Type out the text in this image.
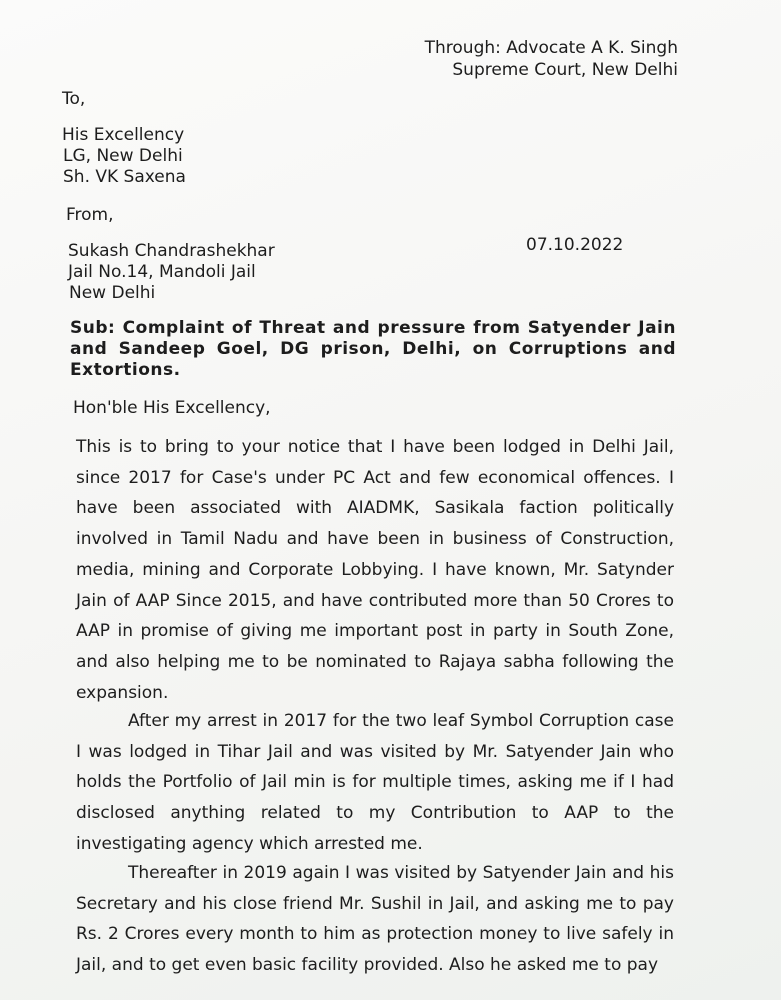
Through: Advocate A K. Singh

Supreme Court, New Delhi

To,

His Excellency

LG, New Delhi

Sh. VK Saxena

From,

Sukash Chandrashekhar

Jail No.14, Mandoli Jail

New Delhi

07.10.2022

Sub: Complaint of Threat and pressure from Satyender Jain and Sandeep Goel, DG prison, Delhi, on Corruptions and Extortions.

Hon'ble His Excellency,

This is to bring to your notice that I have been lodged in Delhi Jail, since 2017 for Case's under PC Act and few economical offences. I have been associated with AIADMK, Sasikala faction politically involved in Tamil Nadu and have been in business of Construction, media, mining and Corporate Lobbying. I have known, Mr. Satynder Jain of AAP Since 2015, and have contributed more than 50 Crores to AAP in promise of giving me important post in party in South Zone, and also helping me to be nominated to Rajaya sabha following the expansion.

After my arrest in 2017 for the two leaf Symbol Corruption case I was lodged in Tihar Jail and was visited by Mr. Satyender Jain who holds the Portfolio of Jail min is for multiple times, asking me if I had disclosed anything related to my Contribution to AAP to the investigating agency which arrested me.

Thereafter in 2019 again I was visited by Satyender Jain and his Secretary and his close friend Mr. Sushil in Jail, and asking me to pay Rs. 2 Crores every month to him as protection money to live safely in Jail, and to get even basic facility provided. Also he asked me to pay
